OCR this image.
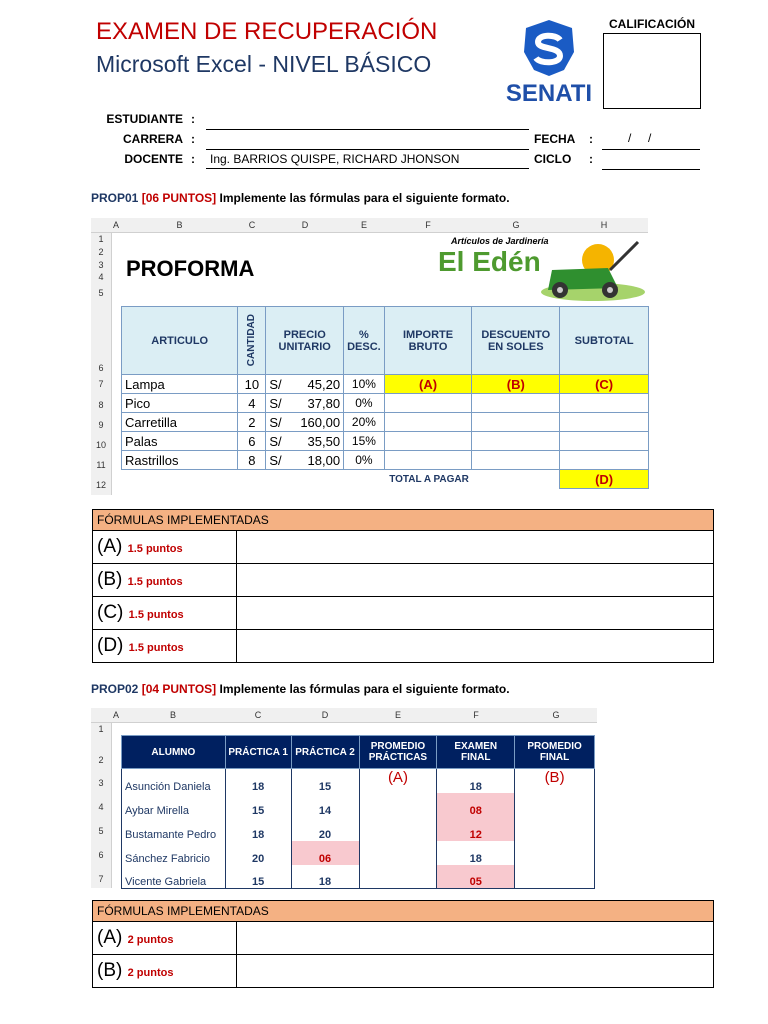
EXAMEN DE RECUPERACIÓN
Microsoft Excel - NIVEL BÁSICO
SENATI
CALIFICACIÓN
ESTUDIANTE :
CARRERA :
DOCENTE : Ing. BARRIOS QUISPE, RICHARD JHONSON
FECHA :	/     /
CICLO :
PROP01 [06 PUNTOS] Implemente las fórmulas para el siguiente formato.
A	B	C	D	E	F	G	H
1
2
3
4
5
6
7
8
9
10
11
12
PROFORMA
Artículos de Jardinería
El Edén
ARTICULO	CANTIDAD	PRECIO UNITARIO	% DESC.	IMPORTE BRUTO	DESCUENTO EN SOLES	SUBTOTAL
Lampa	10	S/ 45,20	10%	(A)	(B)	(C)
Pico	4	S/ 37,80	0%			
Carretilla	2	S/ 160,00	20%			
Palas	6	S/ 35,50	15%			
Rastrillos	8	S/ 18,00	0%			
TOTAL A PAGAR						(D)
FÓRMULAS IMPLEMENTADAS	
(A) 1.5 puntos	
(B) 1.5 puntos	
(C) 1.5 puntos	
(D) 1.5 puntos	
PROP02 [04 PUNTOS] Implemente las fórmulas para el siguiente formato.
A	B	C	D	E	F	G
1
2
3
4
5
6
7
ALUMNO	PRÁCTICA 1	PRÁCTICA 2	PROMEDIO PRÁCTICAS	EXAMEN FINAL	PROMEDIO FINAL
Asunción Daniela	18	15	(A)	18	(B)
Aybar Mirella	15	14		08	
Bustamante Pedro	18	20		12	
Sánchez Fabricio	20	06		18	
Vicente Gabriela	15	18		05	
FÓRMULAS IMPLEMENTADAS	
(A) 2 puntos	
(B) 2 puntos	
